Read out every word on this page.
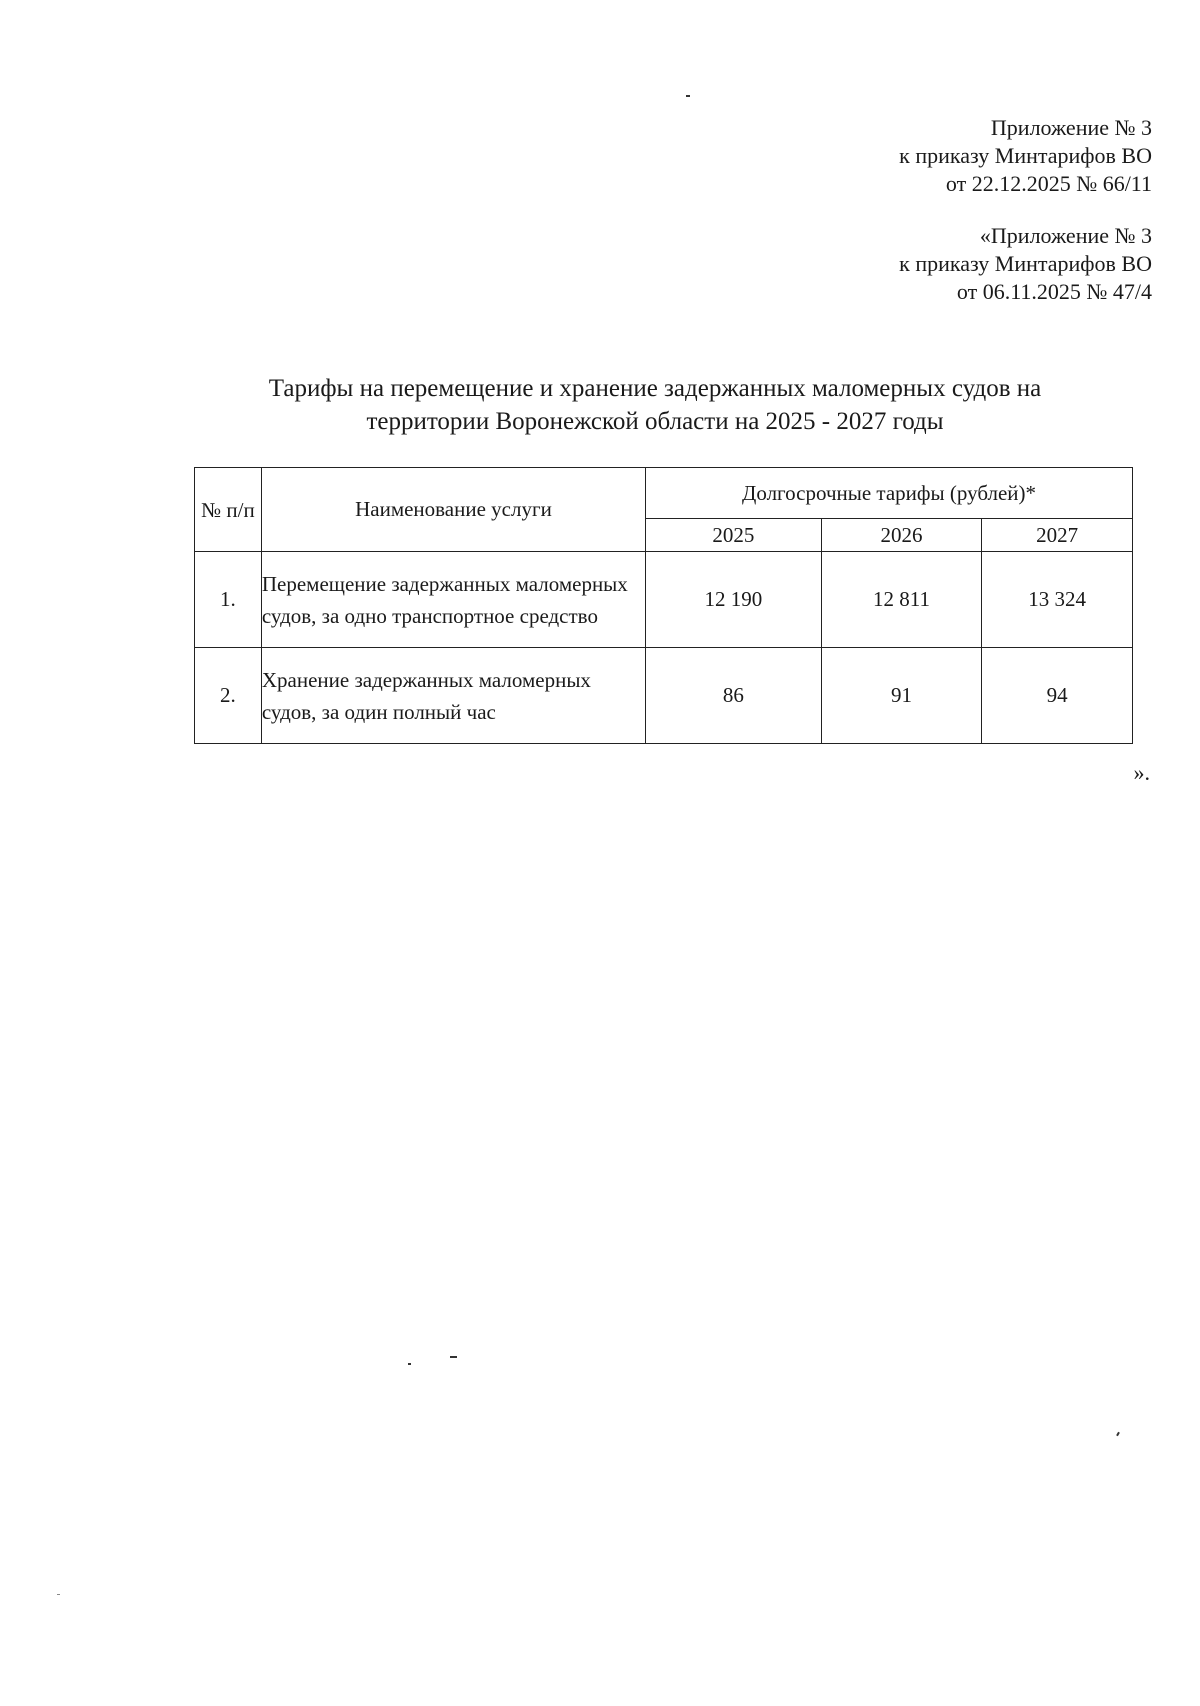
Приложение № 3
к приказу Минтарифов ВО
от 22.12.2025 № 66/11
«Приложение № 3
к приказу Минтарифов ВО
от 06.11.2025 № 47/4
Тарифы на перемещение и хранение задержанных маломерных судов на
территории Воронежской области на 2025 - 2027 годы
№ п/п	Наименование услуги	Долгосрочные тарифы (рублей)*		
		2025	2026	2027
1.	Перемещение задержанных маломерных судов, за одно транспортное средство	12 190	12 811	13 324
2.	Хранение задержанных маломерных судов, за один полный час	86	91	94
».
